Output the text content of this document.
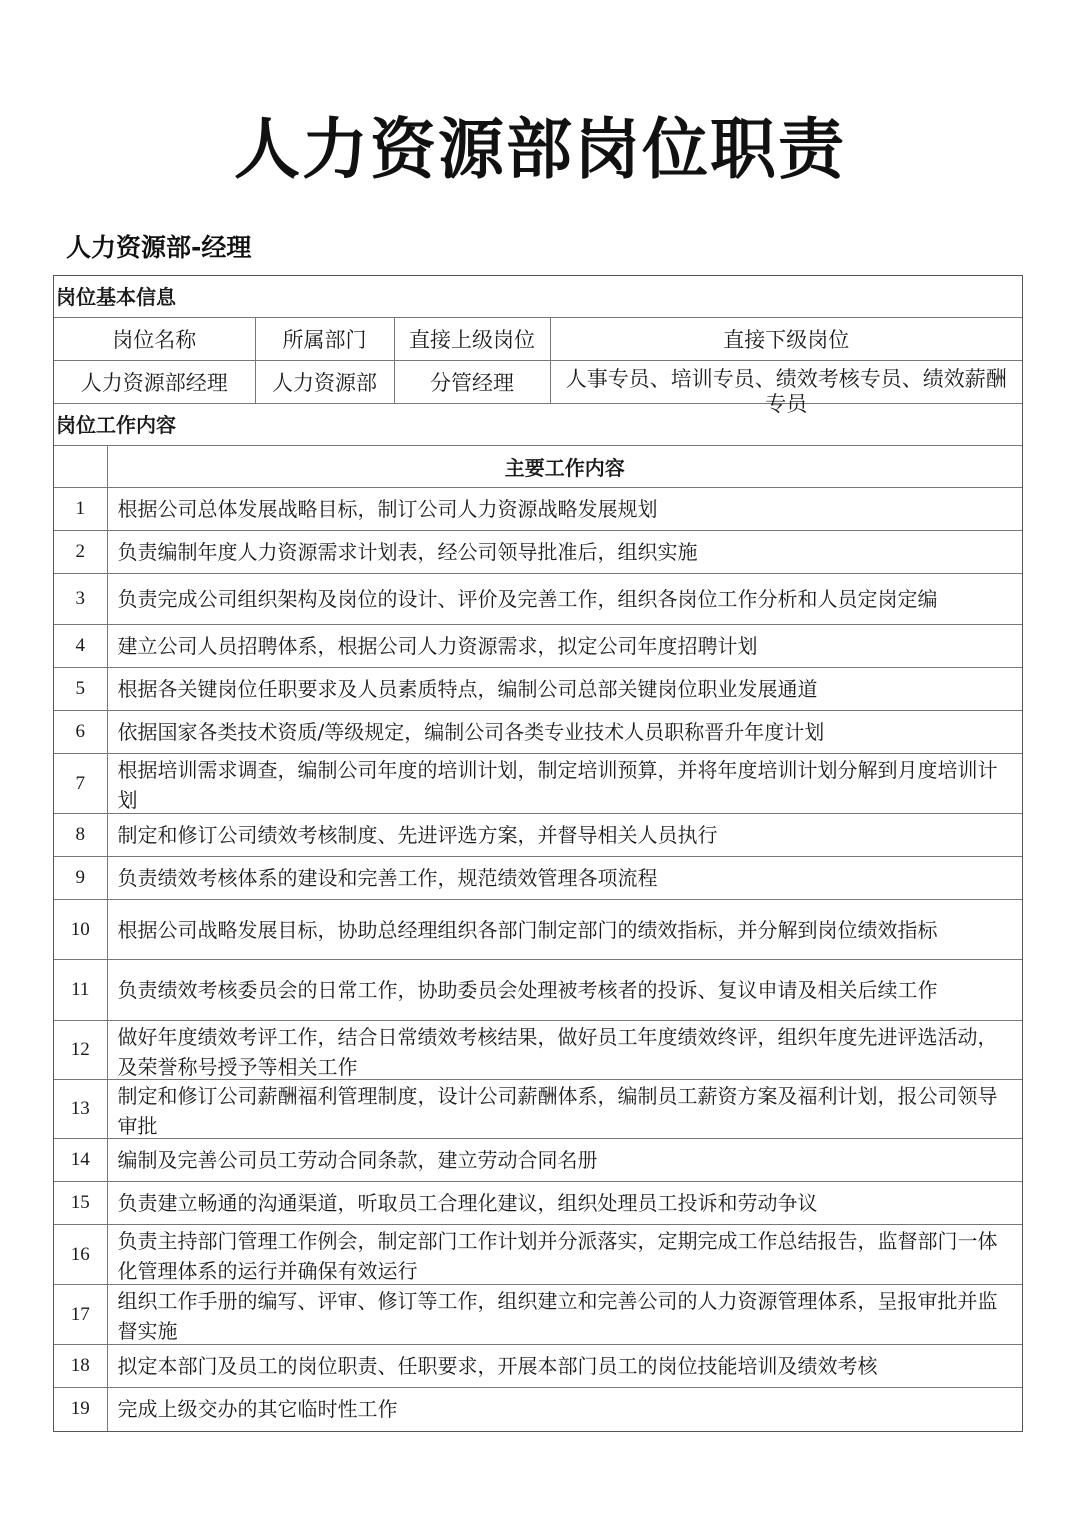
人力资源部岗位职责
人力资源部-经理
岗位基本信息
岗位名称	所属部门	直接上级岗位	直接下级岗位
人力资源部经理	人力资源部	分管经理	人事专员、培训专员、绩效考核专员、绩效薪酬专员
岗位工作内容
	主要工作内容
1	根据公司总体发展战略目标，制订公司人力资源战略发展规划

2	负责编制年度人力资源需求计划表，经公司领导批准后，组织实施

3	负责完成公司组织架构及岗位的设计、评价及完善工作，组织各岗位工作分析和人员定岗定编

4	建立公司人员招聘体系，根据公司人力资源需求，拟定公司年度招聘计划

5	根据各关键岗位任职要求及人员素质特点，编制公司总部关键岗位职业发展通道

6	依据国家各类技术资质/等级规定，编制公司各类专业技术人员职称晋升年度计划

7	根据培训需求调查，编制公司年度的培训计划，制定培训预算，并将年度培训计划分解到月度培训计划

8	制定和修订公司绩效考核制度、先进评选方案，并督导相关人员执行

9	负责绩效考核体系的建设和完善工作，规范绩效管理各项流程

10	根据公司战略发展目标，协助总经理组织各部门制定部门的绩效指标，并分解到岗位绩效指标

11	负责绩效考核委员会的日常工作，协助委员会处理被考核者的投诉、复议申请及相关后续工作

12	做好年度绩效考评工作，结合日常绩效考核结果，做好员工年度绩效终评，组织年度先进评选活动，及荣誉称号授予等相关工作

13	制定和修订公司薪酬福利管理制度，设计公司薪酬体系，编制员工薪资方案及福利计划，报公司领导审批

14	编制及完善公司员工劳动合同条款，建立劳动合同名册

15	负责建立畅通的沟通渠道，听取员工合理化建议，组织处理员工投诉和劳动争议

16	负责主持部门管理工作例会，制定部门工作计划并分派落实，定期完成工作总结报告，监督部门一体化管理体系的运行并确保有效运行

17	组织工作手册的编写、评审、修订等工作，组织建立和完善公司的人力资源管理体系，呈报审批并监督实施

18	拟定本部门及员工的岗位职责、任职要求，开展本部门员工的岗位技能培训及绩效考核

19	完成上级交办的其它临时性工作
